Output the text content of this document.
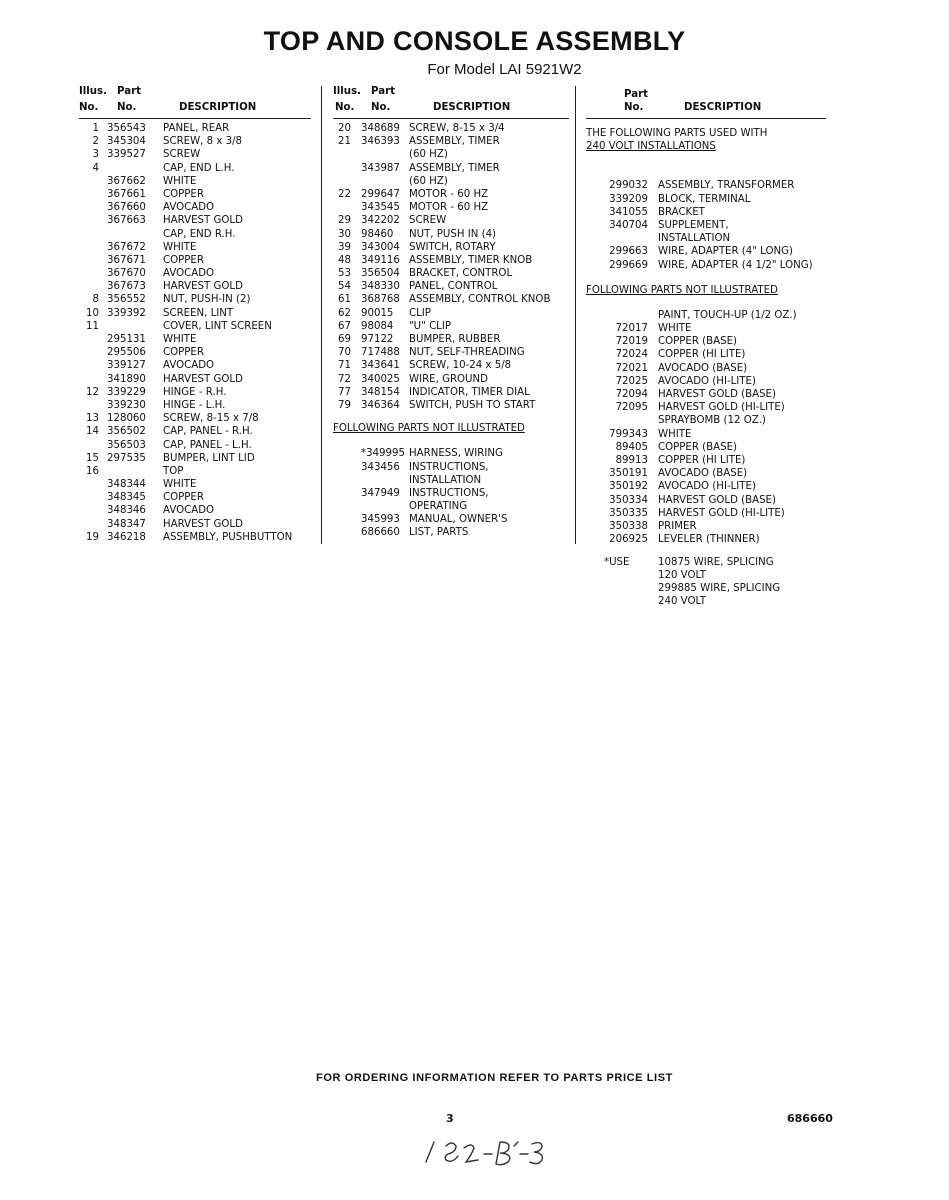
TOP AND CONSOLE ASSEMBLY
For Model LAI 5921W2
Illus. Part
No. No.	DESCRIPTION
1 356543 PANEL, REAR
2 345304 SCREW, 8 x 3/8
3 339527 SCREW
4	CAP, END L.H.
367662 WHITE
367661 COPPER
367660 AVOCADO
367663 HARVEST GOLD
CAP, END R.H.
367672 WHITE
367671 COPPER
367670 AVOCADO
367673 HARVEST GOLD
8 356552 NUT, PUSH-IN (2)
10 339392 SCREEN, LINT
11	COVER, LINT SCREEN
295131 WHITE
295506 COPPER
339127 AVOCADO
341890 HARVEST GOLD
12 339229 HINGE - R.H.
339230 HINGE - L.H.
13 128060 SCREW, 8-15 x 7/8
14 356502 CAP, PANEL - R.H.
356503 CAP, PANEL - L.H.
15 297535 BUMPER, LINT LID
16	TOP
348344 WHITE
348345 COPPER
348346 AVOCADO
348347 HARVEST GOLD
19 346218 ASSEMBLY, PUSHBUTTON
Illus. Part
No. No.	DESCRIPTION
20 348689 SCREW, 8-15 x 3/4
21 346393 ASSEMBLY, TIMER
(60 HZ)
343987 ASSEMBLY, TIMER
(60 HZ)
22 299647 MOTOR - 60 HZ
343545 MOTOR - 60 HZ
29 342202 SCREW
30 98460 NUT, PUSH IN (4)
39 343004 SWITCH, ROTARY
48 349116 ASSEMBLY, TIMER KNOB
53 356504 BRACKET, CONTROL
54 348330 PANEL, CONTROL
61 368768 ASSEMBLY, CONTROL KNOB
62 90015 CLIP
67 98084 "U" CLIP
69 97122 BUMPER, RUBBER
70 717488 NUT, SELF-THREADING
71 343641 SCREW, 10-24 x 5/8
72 340025 WIRE, GROUND
77 348154 INDICATOR, TIMER DIAL
79 346364 SWITCH, PUSH TO START
FOLLOWING PARTS NOT ILLUSTRATED
*349995 HARNESS, WIRING
343456 INSTRUCTIONS,
INSTALLATION
347949 INSTRUCTIONS,
OPERATING
345993 MANUAL, OWNER'S
686660 LIST, PARTS
Part
No.	DESCRIPTION
THE FOLLOWING PARTS USED WITH
240 VOLT INSTALLATIONS
299032 ASSEMBLY, TRANSFORMER
339209 BLOCK, TERMINAL
341055 BRACKET
340704 SUPPLEMENT,
INSTALLATION
299663 WIRE, ADAPTER (4" LONG)
299669 WIRE, ADAPTER (4 1/2" LONG)
FOLLOWING PARTS NOT ILLUSTRATED
PAINT, TOUCH-UP (1/2 OZ.)
72017 WHITE
72019 COPPER (BASE)
72024 COPPER (HI LITE)
72021 AVOCADO (BASE)
72025 AVOCADO (HI-LITE)
72094 HARVEST GOLD (BASE)
72095 HARVEST GOLD (HI-LITE)
SPRAYBOMB (12 OZ.)
799343 WHITE
89405 COPPER (BASE)
89913 COPPER (HI LITE)
350191 AVOCADO (BASE)
350192 AVOCADO (HI-LITE)
350334 HARVEST GOLD (BASE)
350335 HARVEST GOLD (HI-LITE)
350338 PRIMER
206925 LEVELER (THINNER)
*USE	10875 WIRE, SPLICING
120 VOLT
299885 WIRE, SPLICING
240 VOLT
FOR ORDERING INFORMATION REFER TO PARTS PRICE LIST
3	686660
